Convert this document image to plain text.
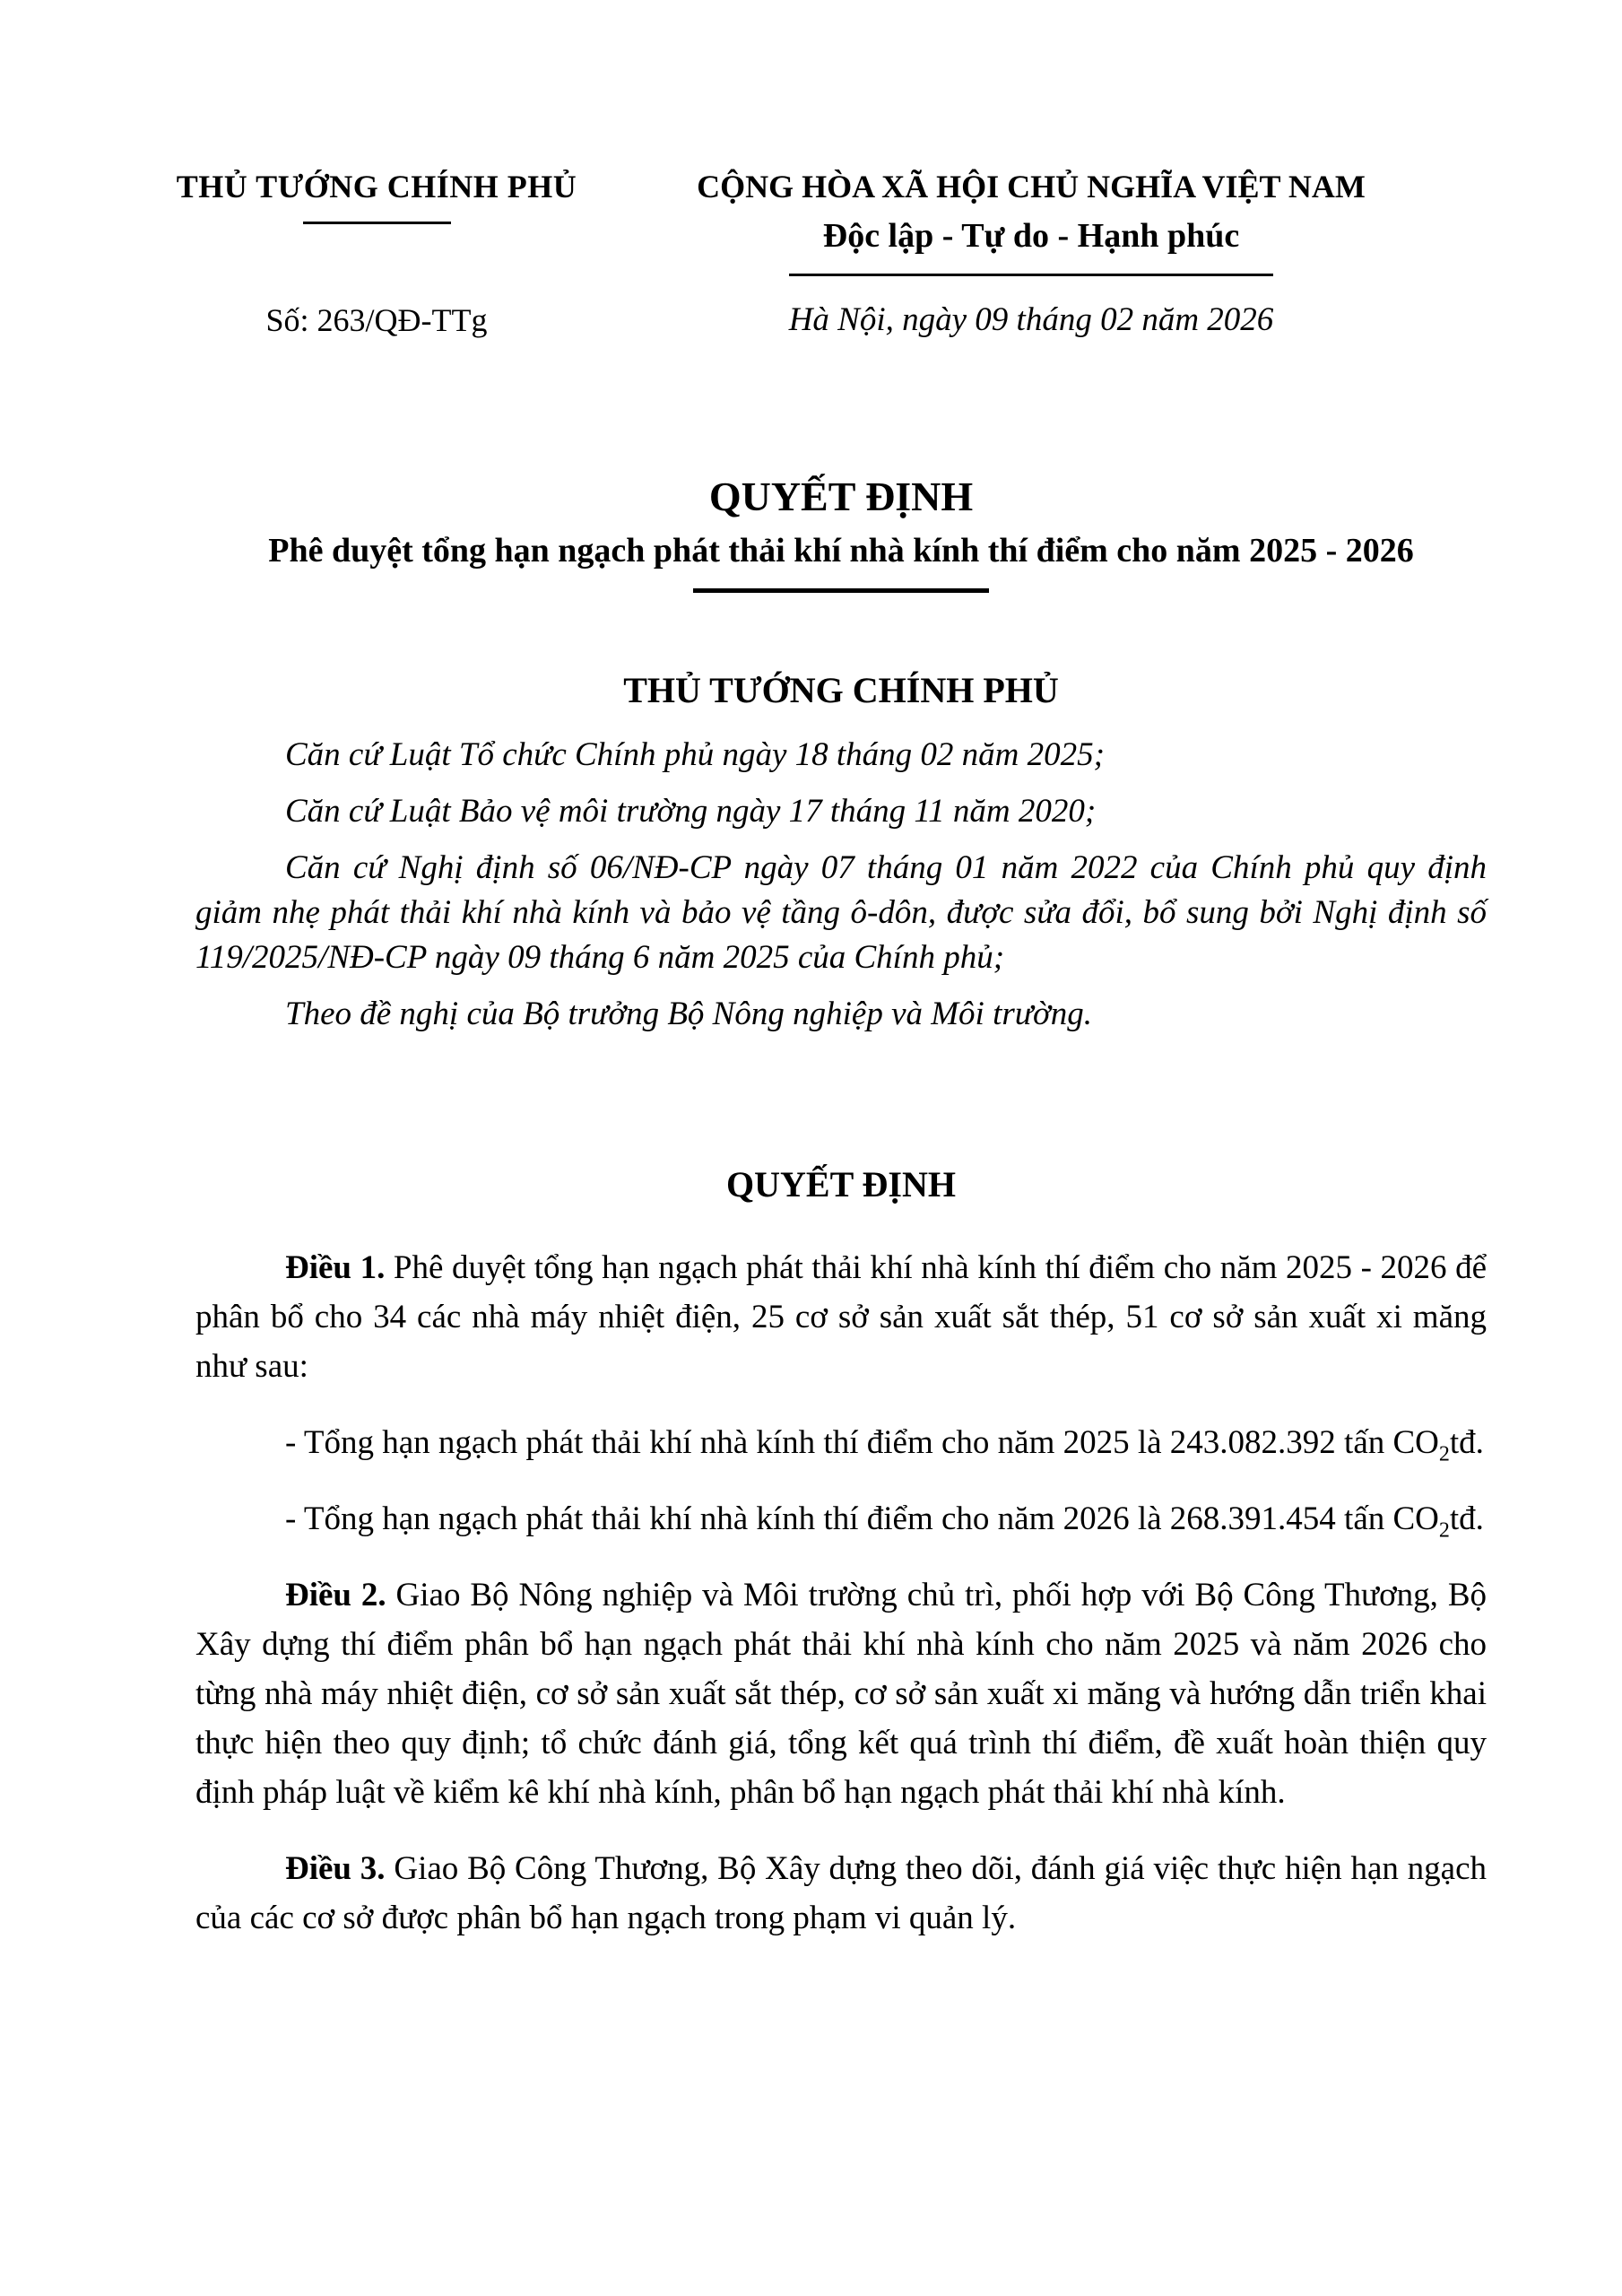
THỦ TƯỚNG CHÍNH PHỦ
Số: 263/QĐ-TTg
CỘNG HÒA XÃ HỘI CHỦ NGHĨA VIỆT NAM
Độc lập - Tự do - Hạnh phúc
Hà Nội, ngày 09 tháng 02 năm 2026
QUYẾT ĐỊNH
Phê duyệt tổng hạn ngạch phát thải khí nhà kính thí điểm cho năm 2025 - 2026
THỦ TƯỚNG CHÍNH PHỦ

Căn cứ Luật Tổ chức Chính phủ ngày 18 tháng 02 năm 2025;

Căn cứ Luật Bảo vệ môi trường ngày 17 tháng 11 năm 2020;

Căn cứ Nghị định số 06/NĐ-CP ngày 07 tháng 01 năm 2022 của Chính phủ quy định giảm nhẹ phát thải khí nhà kính và bảo vệ tầng ô-dôn, được sửa đổi, bổ sung bởi Nghị định số 119/2025/NĐ-CP ngày 09 tháng 6 năm 2025 của Chính phủ;

Theo đề nghị của Bộ trưởng Bộ Nông nghiệp và Môi trường.

QUYẾT ĐỊNH

Điều 1. Phê duyệt tổng hạn ngạch phát thải khí nhà kính thí điểm cho năm 2025 - 2026 để phân bổ cho 34 các nhà máy nhiệt điện, 25 cơ sở sản xuất sắt thép, 51 cơ sở sản xuất xi măng như sau:

- Tổng hạn ngạch phát thải khí nhà kính thí điểm cho năm 2025 là 243.082.392 tấn $CO_2tđ$.

- Tổng hạn ngạch phát thải khí nhà kính thí điểm cho năm 2026 là 268.391.454 tấn $CO_2tđ$.

Điều 2. Giao Bộ Nông nghiệp và Môi trường chủ trì, phối hợp với Bộ Công Thương, Bộ Xây dựng thí điểm phân bổ hạn ngạch phát thải khí nhà kính cho năm 2025 và năm 2026 cho từng nhà máy nhiệt điện, cơ sở sản xuất sắt thép, cơ sở sản xuất xi măng và hướng dẫn triển khai thực hiện theo quy định; tổ chức đánh giá, tổng kết quá trình thí điểm, đề xuất hoàn thiện quy định pháp luật về kiểm kê khí nhà kính, phân bổ hạn ngạch phát thải khí nhà kính.

Điều 3. Giao Bộ Công Thương, Bộ Xây dựng theo dõi, đánh giá việc thực hiện hạn ngạch của các cơ sở được phân bổ hạn ngạch trong phạm vi quản lý.
